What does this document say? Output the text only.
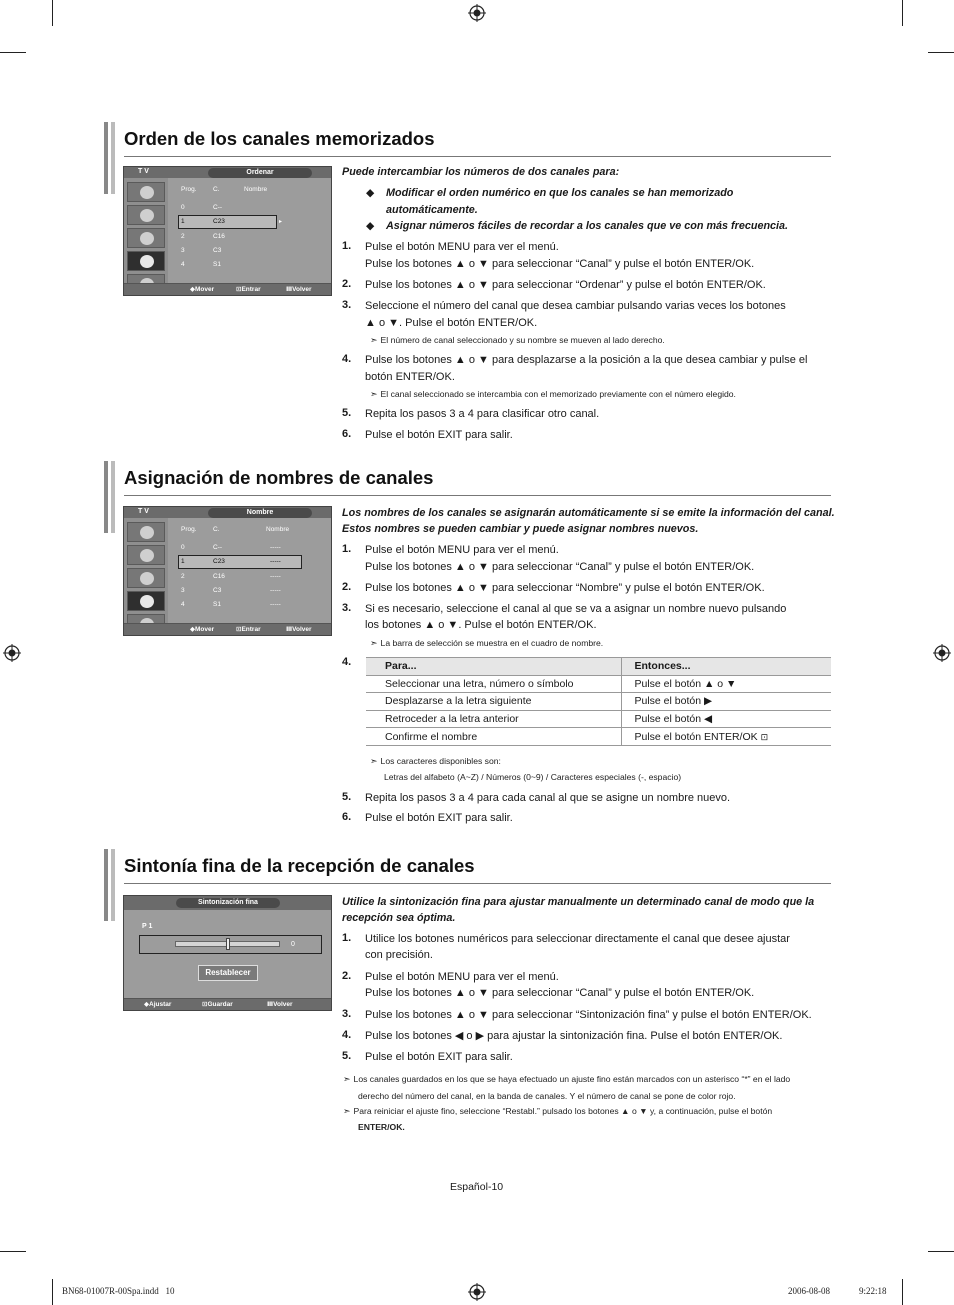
Orden de los canales memorizados
T V	Ordenar
Prog.	C.	Nombre
0	C--
1	C23	▸
2	C16
3	C3
4	S1
◆Mover	⊡Entrar	ⅢVolver
Puede intercambiar los números de dos canales para:
◆ Modificar el orden numérico en que los canales se han memorizado automáticamente.
◆ Asignar números fáciles de recordar a los canales que ve con más frecuencia.
1. Pulse el botón MENU para ver el menú.
Pulse los botones ▲ o ▼ para seleccionar “Canal” y pulse el botón ENTER/OK.
2. Pulse los botones ▲ o ▼ para seleccionar “Ordenar” y pulse el botón ENTER/OK.
3. Seleccione el número del canal que desea cambiar pulsando varias veces los botones
▲ o ▼. Pulse el botón ENTER/OK.
➣ El número de canal seleccionado y su nombre se mueven al lado derecho.
4. Pulse los botones ▲ o ▼ para desplazarse a la posición a la que desea cambiar y pulse el
botón ENTER/OK.
➣ El canal seleccionado se intercambia con el memorizado previamente con el número elegido.
5. Repita los pasos 3 a 4 para clasificar otro canal.
6. Pulse el botón EXIT para salir.
Asignación de nombres de canales
T V	Nombre
Prog.	C.	Nombre
0	C--	-----
1	C23	-----
2	C16	-----
3	C3	-----
4	S1	-----
◆Mover	⊡Entrar	ⅢVolver
Los nombres de los canales se asignarán automáticamente si se emite la información del canal.
Estos nombres se pueden cambiar y puede asignar nombres nuevos.
1. Pulse el botón MENU para ver el menú.
Pulse los botones ▲ o ▼ para seleccionar “Canal” y pulse el botón ENTER/OK.
2. Pulse los botones ▲ o ▼ para seleccionar “Nombre” y pulse el botón ENTER/OK.
3. Si es necesario, seleccione el canal al que se va a asignar un nombre nuevo pulsando
los botones ▲ o ▼. Pulse el botón ENTER/OK.
➣ La barra de selección se muestra en el cuadro de nombre.
4.	Para...	Entonces...
Seleccionar una letra, número o símbolo	Pulse el botón ▲ o ▼
Desplazarse a la letra siguiente	Pulse el botón ▶
Retroceder a la letra anterior	Pulse el botón ◀
Confirme el nombre	Pulse el botón ENTER/OK ⊡
➣ Los caracteres disponibles son:
Letras del alfabeto (A~Z) / Números (0~9) / Caracteres especiales (-, espacio)
5. Repita los pasos 3 a 4 para cada canal al que se asigne un nombre nuevo.
6. Pulse el botón EXIT para salir.
Sintonía fina de la recepción de canales
Sintonización fina
P 1
0
Restablecer
◆Ajustar	⊡Guardar	ⅢVolver
Utilice la sintonización fina para ajustar manualmente un determinado canal de modo que la
recepción sea óptima.
1. Utilice los botones numéricos para seleccionar directamente el canal que desee ajustar
con precisión.
2. Pulse el botón MENU para ver el menú.
Pulse los botones ▲ o ▼ para seleccionar “Canal” y pulse el botón ENTER/OK.
3. Pulse los botones ▲ o ▼ para seleccionar “Sintonización fina” y pulse el botón ENTER/OK.
4. Pulse los botones ◀ o ▶ para ajustar la sintonización fina. Pulse el botón ENTER/OK.
5. Pulse el botón EXIT para salir.
➣ Los canales guardados en los que se haya efectuado un ajuste fino están marcados con un asterisco “*” en el lado
derecho del número del canal, en la banda de canales. Y el número de canal se pone de color rojo.
➣ Para reiniciar el ajuste fino, seleccione “Restabl.” pulsado los botones ▲ o ▼ y, a continuación, pulse el botón
ENTER/OK.
Español-10
BN68-01007R-00Spa.indd   10	2006-08-08	9:22:18
